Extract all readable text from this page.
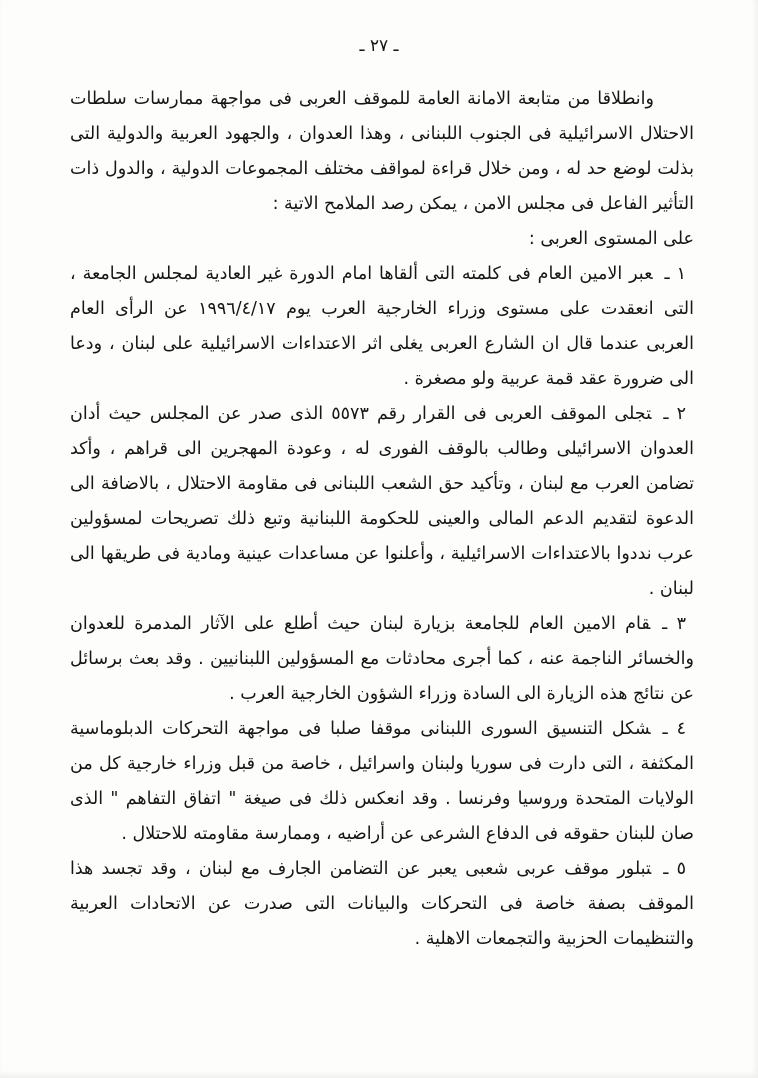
ـ ٢٧ ـ

وانطلاقا من متابعة الامانة العامة للموقف العربى فى مواجهة ممارسات سلطات الاحتلال الاسرائيلية فى الجنوب اللبنانى ، وهذا العدوان ، والجهود العربية والدولية التى بذلت لوضع حد له ، ومن خلال قراءة لمواقف مختلف المجموعات الدولية ، والدول ذات التأثير الفاعل فى مجلس الامن ، يمكن رصد الملامح الاتية :

على المستوى العربى :

١ ـعبر الامين العام فى كلمته التى ألقاها امام الدورة غير العادية لمجلس الجامعة ، التى انعقدت على مستوى وزراء الخارجية العرب يوم ١٩٩٦/٤/١٧ عن الرأى العام العربى عندما قال ان الشارع العربى يغلى اثر الاعتداءات الاسرائيلية على لبنان ، ودعا الى ضرورة عقد قمة عربية ولو مصغرة .

٢ ـتجلى الموقف العربى فى القرار رقم ٥٥٧٣ الذى صدر عن المجلس حيث أدان العدوان الاسرائيلى وطالب بالوقف الفورى له ، وعودة المهجرين الى قراهم ، وأكد تضامن العرب مع لبنان ، وتأكيد حق الشعب اللبنانى فى مقاومة الاحتلال ، بالاضافة الى الدعوة لتقديم الدعم المالى والعينى للحكومة اللبنانية وتبع ذلك تصريحات لمسؤولين عرب نددوا بالاعتداءات الاسرائيلية ، وأعلنوا عن مساعدات عينية ومادية فى طريقها الى لبنان .

٣ ـقام الامين العام للجامعة بزيارة لبنان حيث أطلع على الآثار المدمرة للعدوان والخسائر الناجمة عنه ، كما أجرى محادثات مع المسؤولين اللبنانيين . وقد بعث برسائل عن نتائج هذه الزيارة الى السادة وزراء الشؤون الخارجية العرب .

٤ ـشكل التنسيق السورى اللبنانى موقفا صلبا فى مواجهة التحركات الدبلوماسية المكثفة ، التى دارت فى سوريا ولبنان واسرائيل ، خاصة من قبل وزراء خارجية كل من الولايات المتحدة وروسيا وفرنسا . وقد انعكس ذلك فى صيغة " اتفاق التفاهم " الذى صان للبنان حقوقه فى الدفاع الشرعى عن أراضيه ، وممارسة مقاومته للاحتلال .

٥ ـتبلور موقف عربى شعبى يعبر عن التضامن الجارف مع لبنان ، وقد تجسد هذا الموقف بصفة خاصة فى التحركات والبيانات التى صدرت عن الاتحادات العربية والتنظيمات الحزبية والتجمعات الاهلية .
